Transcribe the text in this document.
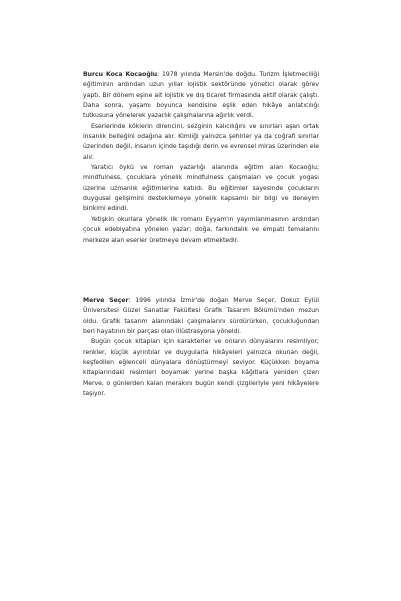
Burcu Koca Kocaoğlu: 1978 yılında Mersin'de doğdu. Turizm İşletmeciliği eğitiminin ardından uzun yıllar lojistik sektöründe yönetici olarak görev yaptı. Bir dönem eşine ait lojistik ve dış ticaret firmasında aktif olarak çalıştı. Daha sonra, yaşamı boyunca kendisine eşlik eden hikâye anlatıcılığı tutkusuna yönelerek yazarlık çalışmalarına ağırlık verdi.

Eserlerinde köklerin direncini, sezginin kalıcılığını ve sınırları aşan ortak insanlık belleğini odağına alır. Kimliği yalnızca şehirler ya da coğrafi sınırlar üzerinden değil, insanın içinde taşıdığı derin ve evrensel miras üzerinden ele alır.

Yaratıcı öykü ve roman yazarlığı alanında eğitim alan Kocaoğlu; mindfulness, çocuklara yönelik mindfulness çalışmaları ve çocuk yogası üzerine uzmanlık eğitimlerine katıldı. Bu eğitimler sayesinde çocukların duygusal gelişimini desteklemeye yönelik kapsamlı bir bilgi ve deneyim birikimi edindi.

Yetişkin okurlara yönelik ilk romanı Eyyam'ın yayımlanmasının ardından çocuk edebiyatına yönelen yazar; doğa, farkındalık ve empati temalarını merkeze alan eserler üretmeye devam etmektedir.

Merve Seçer: 1996 yılında İzmir'de doğan Merve Seçer, Dokuz Eylül Üniversitesi Güzel Sanatlar Fakültesi Grafik Tasarım Bölümü'nden mezun oldu. Grafik tasarım alanındaki çalışmalarını sürdürürken, çocukluğundan beri hayatının bir parçası olan illüstrasyona yöneldi.

Bugün çocuk kitapları için karakterler ve onların dünyalarını resimliyor; renkler, küçük ayrıntılar ve duygularla hikâyeleri yalnızca okunan değil, keşfedilen eğlenceli dünyalara dönüştürmeyi seviyor. Küçükken boyama kitaplarındaki resimleri boyamak yerine başka kâğıtlara yeniden çizen Merve, o günlerden kalan merakını bugün kendi çizgileriyle yeni hikâyelere taşıyor.
